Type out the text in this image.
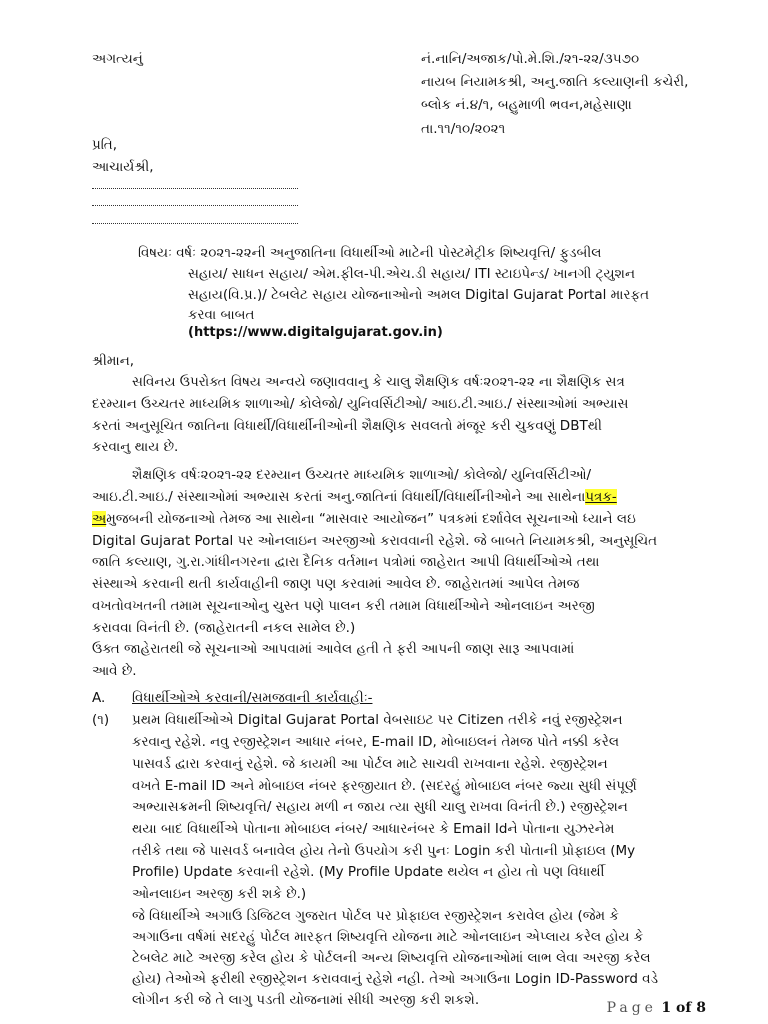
અગત્યનું	નં.નાનિ/અજાક/પો.મે.શિ./૨૧-૨૨/૩૫૭૦
નાયબ નિયામકશ્રી, અનુ.જાતિ કલ્યાણની કચેરી,
બ્લોક નં.૪/૧, બહુમાળી ભવન,મહેસાણા
તા.૧૧/૧૦/૨૦૨૧
પ્રતિ,
આચાર્યશ્રી,
વિષયઃ વર્ષઃ ૨૦૨૧-૨૨ની અનુજાતિના વિધાર્થીઓ માટેની પોસ્ટમેટ્રીક શિષ્યવૃત્તિ/ ફુડબીલ
સહાય/ સાધન સહાય/ એમ.ફીલ-પી.એચ.ડી સહાય/ ITI સ્ટાઇપેન્ડ/ ખાનગી ટ્યુશન
સહાય(વિ.પ્ર.)/ ટેબલેટ સહાય યોજનાઓનો અમલ Digital Gujarat Portal મારફત
કરવા બાબત
(https://www.digitalgujarat.gov.in)
શ્રીમાન,
સવિનય ઉપરોક્ત વિષય અન્વયે જણાવવાનુ કે ચાલુ શૈક્ષણિક વર્ષઃ૨૦૨૧-૨૨ ના શૈક્ષણિક સત્ર
દરમ્યાન ઉચ્ચતર માધ્યમિક શાળાઓ/ કોલેજો/ યુનિવર્સિટીઓ/ આઇ.ટી.આઇ./ સંસ્થાઓમાં અભ્યાસ
કરતાં અનુસૂચિત જાતિના વિધાર્થી/વિધાર્થીનીઓની શૈક્ષણિક સવલતો મંજૂર કરી ચુકવણું DBTથી
કરવાનુ થાય છે.
શૈક્ષણિક વર્ષઃ૨૦૨૧-૨૨ દરમ્યાન ઉચ્ચતર માધ્યમિક શાળાઓ/ કોલેજો/ યુનિવર્સિટીઓ/
આઇ.ટી.આઇ./ સંસ્થાઓમાં અભ્યાસ કરતાં અનુ.જાતિનાં વિધાર્થી/વિધાર્થીનીઓને આ સાથેનાપત્રક-
અમુજબની યોજનાઓ તેમજ આ સાથેના “માસવાર આયોજન” પત્રકમાં દર્શાવેલ સૂચનાઓ ધ્યાને લઇ
Digital Gujarat Portal પર ઓનલાઇન અરજીઓ કરાવવાની રહેશે. જે બાબતે નિયામકશ્રી, અનુસૂચિત
જાતિ કલ્યાણ, ગુ.રા.ગાંધીનગરના દ્વારા દૈનિક વર્તમાન પત્રોમાં જાહેરાત આપી વિધાર્થીઓએ તથા
સંસ્થાએ કરવાની થતી કાર્યવાહીની જાણ પણ કરવામાં આવેલ છે. જાહેરાતમાં આપેલ તેમજ
વખતોવખતની તમામ સૂચનાઓનુ ચુસ્ત પણે પાલન કરી તમામ વિધાર્થીઓને ઓનલાઇન અરજી
કરાવવા વિનંતી છે. (જાહેરાતની નકલ સામેલ છે.)
ઉક્ત જાહેરાતથી જે સૂચનાઓ આપવામાં આવેલ હતી તે ફરી આપની જાણ સારૂ આપવામાં
આવે છે.
A. વિધાર્થીઓએ કરવાની/સમજવાની કાર્યવાહીઃ-
(૧) પ્રથમ વિધાર્થીઓએ Digital Gujarat Portal વેબસાઇટ પર Citizen તરીકે નવું રજીસ્ટ્રેશન
કરવાનુ રહેશે. નવુ રજીસ્ટ્રેશન આધાર નંબર, E-mail ID, મોબાઇલનં તેમજ પોતે નક્કી કરેલ
પાસવર્ડ દ્વારા કરવાનું રહેશે. જે કાયમી આ પોર્ટલ માટે સાચવી રાખવાના રહેશે. રજીસ્ટ્રેશન
વખતે E-mail ID અને મોબાઇલ નંબર ફરજીયાત છે. (સદરહું મોબાઇલ નંબર જ્યા સુધી સંપૂર્ણ
અભ્યાસક્રમની શિષ્યવૃત્તિ/ સહાય મળી ન જાય ત્યા સુધી ચાલુ રાખવા વિનંતી છે.) રજીસ્ટ્રેશન
થયા બાદ વિધાર્થીએ પોતાના મોબાઇલ નંબર/ આધારનંબર કે Email Idને પોતાના યુઝરનેમ
તરીકે તથા જે પાસવર્ડ બનાવેલ હોય તેનો ઉપયોગ કરી પુનઃ Login કરી પોતાની પ્રોફાઇલ (My
Profile) Update કરવાની રહેશે. (My Profile Update થયેલ ન હોય તો પણ વિધાર્થી
ઓનલાઇન અરજી કરી શકે છે.)
જે વિધાર્થીએ અગાઉ ડિજિટલ ગુજરાત પોર્ટલ પર પ્રોફાઇલ રજીસ્ટ્રેશન કરાવેલ હોય (જેમ કે
અગાઉના વર્ષમાં સદરહું પોર્ટલ મારફત શિષ્યવૃત્તિ યોજના માટે ઓનલાઇન એપ્લાય કરેલ હોય કે
ટેબલેટ માટે અરજી કરેલ હોય કે પોર્ટલની અન્ય શિષ્યવૃત્તિ યોજનાઓમાં લાભ લેવા અરજી કરેલ
હોય) તેઓએ ફરીથી રજીસ્ટ્રેશન કરાવવાનું રહેશે નહી. તેઓ અગાઉના Login ID-Password વડે
લોગીન કરી જે તે લાગુ પડતી યોજનામાં સીધી અરજી કરી શકશે.	Page 1 of 8
